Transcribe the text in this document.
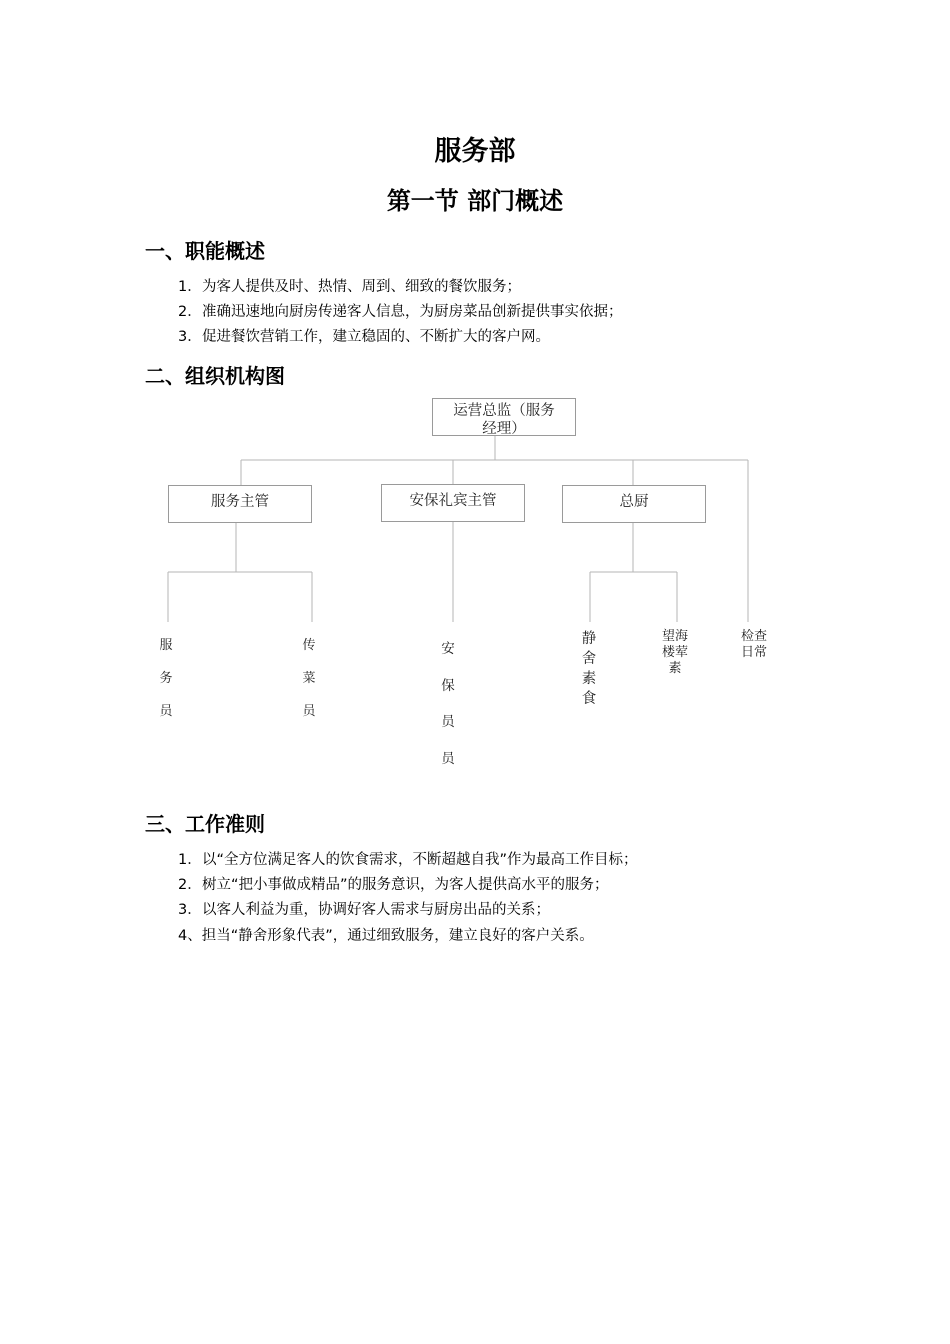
服务部
第一节 部门概述
一、职能概述
1．为客人提供及时、热情、周到、细致的餐饮服务；
2．准确迅速地向厨房传递客人信息，为厨房菜品创新提供事实依据；
3．促进餐饮营销工作，建立稳固的、不断扩大的客户网。
二、组织机构图
运营总监（服务
经理）
服务主管	安保礼宾主管	总厨
服
务
员
传
菜
员
安
保
员
员
静
舍
素
食
望海
楼荤
素
检查
日常
三、工作准则
1．以“全方位满足客人的饮食需求，不断超越自我”作为最高工作目标；
2．树立“把小事做成精品”的服务意识，为客人提供高水平的服务；
3．以客人利益为重，协调好客人需求与厨房出品的关系；
4、担当“静舍形象代表”，通过细致服务，建立良好的客户关系。
